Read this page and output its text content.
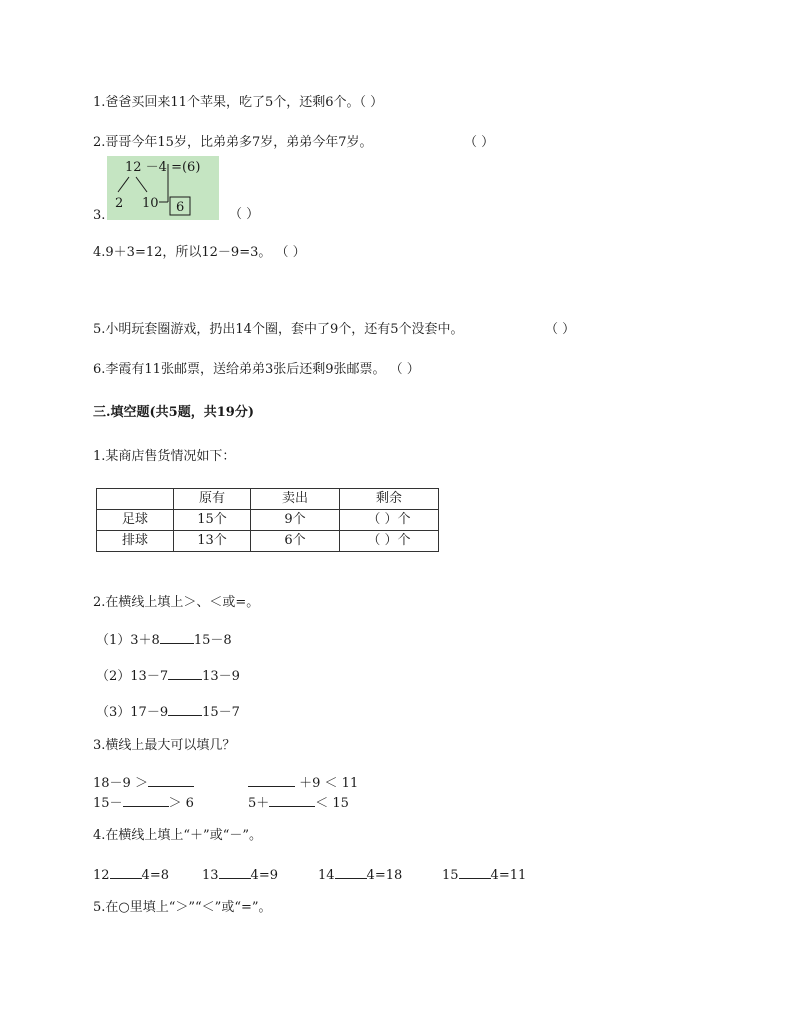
1.爸爸买回来11个苹果，吃了5个，还剩6个。（ ）
2.哥哥今年15岁，比弟弟多7岁，弟弟今年7岁。	（ ）
12 －4 =(6)
2 10 6
3.	（ ）
4.9＋3=12，所以12－9=3。 （ ）
5.小明玩套圈游戏，扔出14个圈，套中了9个，还有5个没套中。	（ ）
6.李霞有11张邮票，送给弟弟3张后还剩9张邮票。 （ ）
三.填空题(共5题，共19分)
1.某商店售货情况如下：
	原有	卖出	剩余
足球	15个	9个	（ ）个
排球	13个	6个	（ ）个
2.在横线上填上＞、＜或=。
（1）3＋8	15－8
（2）13－7	13－9
（3）17－9	15－7
3.横线上最大可以填几？
18－9 ＞	＋9 ＜ 11
15－	＞ 6	5＋	＜ 15
4.在横线上填上“＋”或“－”。
12 4=8	13 4=9	14 4=18	15 4=11
5.在○里填上“＞”“＜”或“=”。
